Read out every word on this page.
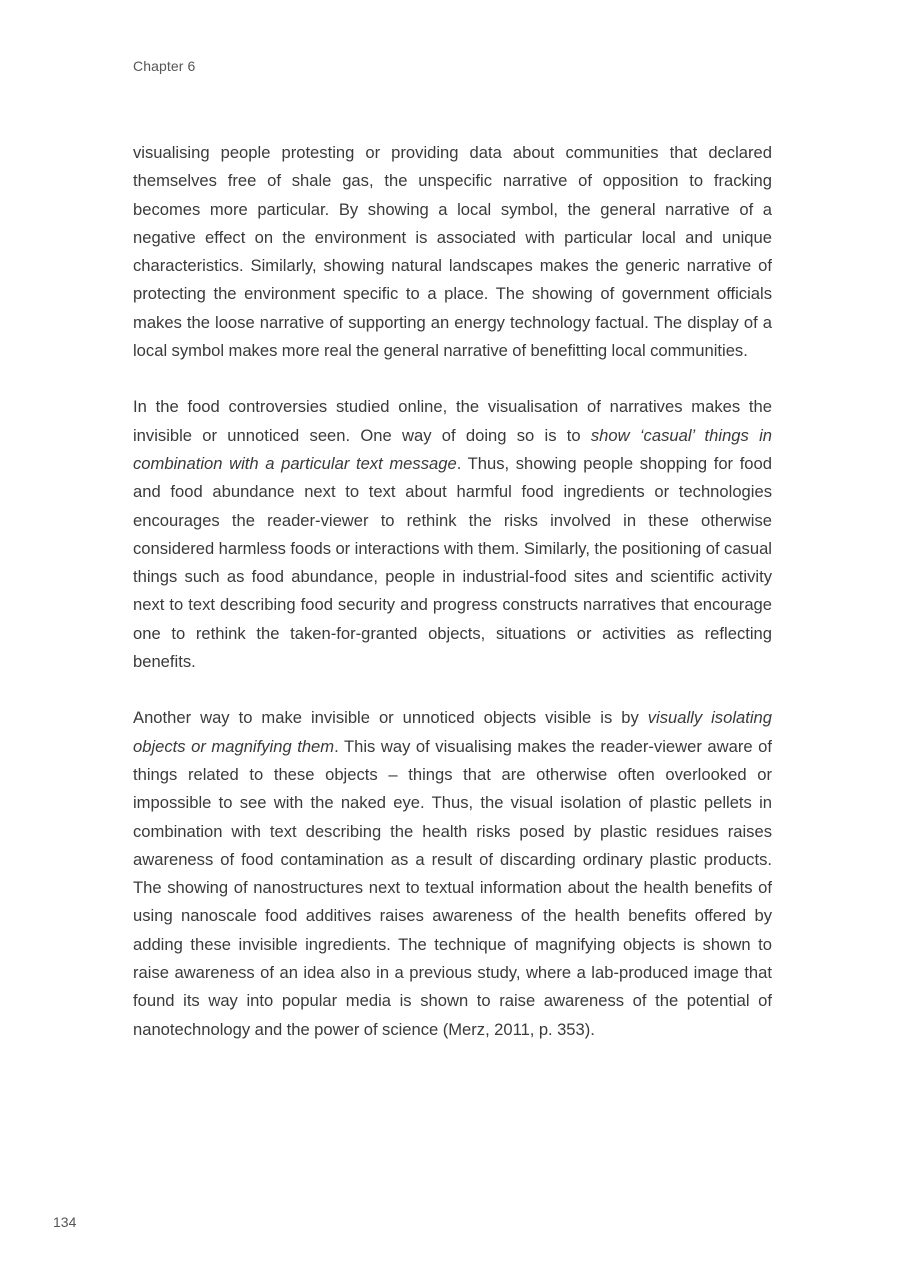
Chapter 6

visualising people protesting or providing data about communities that declared themselves free of shale gas, the unspecific narrative of opposition to fracking becomes more particular. By showing a local symbol, the general narrative of a negative effect on the environment is associated with particular local and unique characteristics. Similarly, showing natural landscapes makes the generic narrative of protecting the environment specific to a place. The showing of government officials makes the loose narrative of supporting an energy technology factual. The display of a local symbol makes more real the general narrative of benefitting local communities.

In the food controversies studied online, the visualisation of narratives makes the invisible or unnoticed seen. One way of doing so is to show ‘casual’ things in combination with a particular text message. Thus, showing people shopping for food and food abundance next to text about harmful food ingredients or technologies encourages the reader-viewer to rethink the risks involved in these otherwise considered harmless foods or interactions with them. Similarly, the positioning of casual things such as food abundance, people in industrial-food sites and scientific activity next to text describing food security and progress constructs narratives that encourage one to rethink the taken-for-granted objects, situations or activities as reflecting benefits.

Another way to make invisible or unnoticed objects visible is by visually isolating objects or magnifying them. This way of visualising makes the reader-viewer aware of things related to these objects – things that are otherwise often overlooked or impossible to see with the naked eye. Thus, the visual isolation of plastic pellets in combination with text describing the health risks posed by plastic residues raises awareness of food contamination as a result of discarding ordinary plastic products. The showing of nanostructures next to textual information about the health benefits of using nanoscale food additives raises awareness of the health benefits offered by adding these invisible ingredients. The technique of magnifying objects is shown to raise awareness of an idea also in a previous study, where a lab-produced image that found its way into popular media is shown to raise awareness of the potential of nanotechnology and the power of science (Merz, 2011, p. 353).

134
